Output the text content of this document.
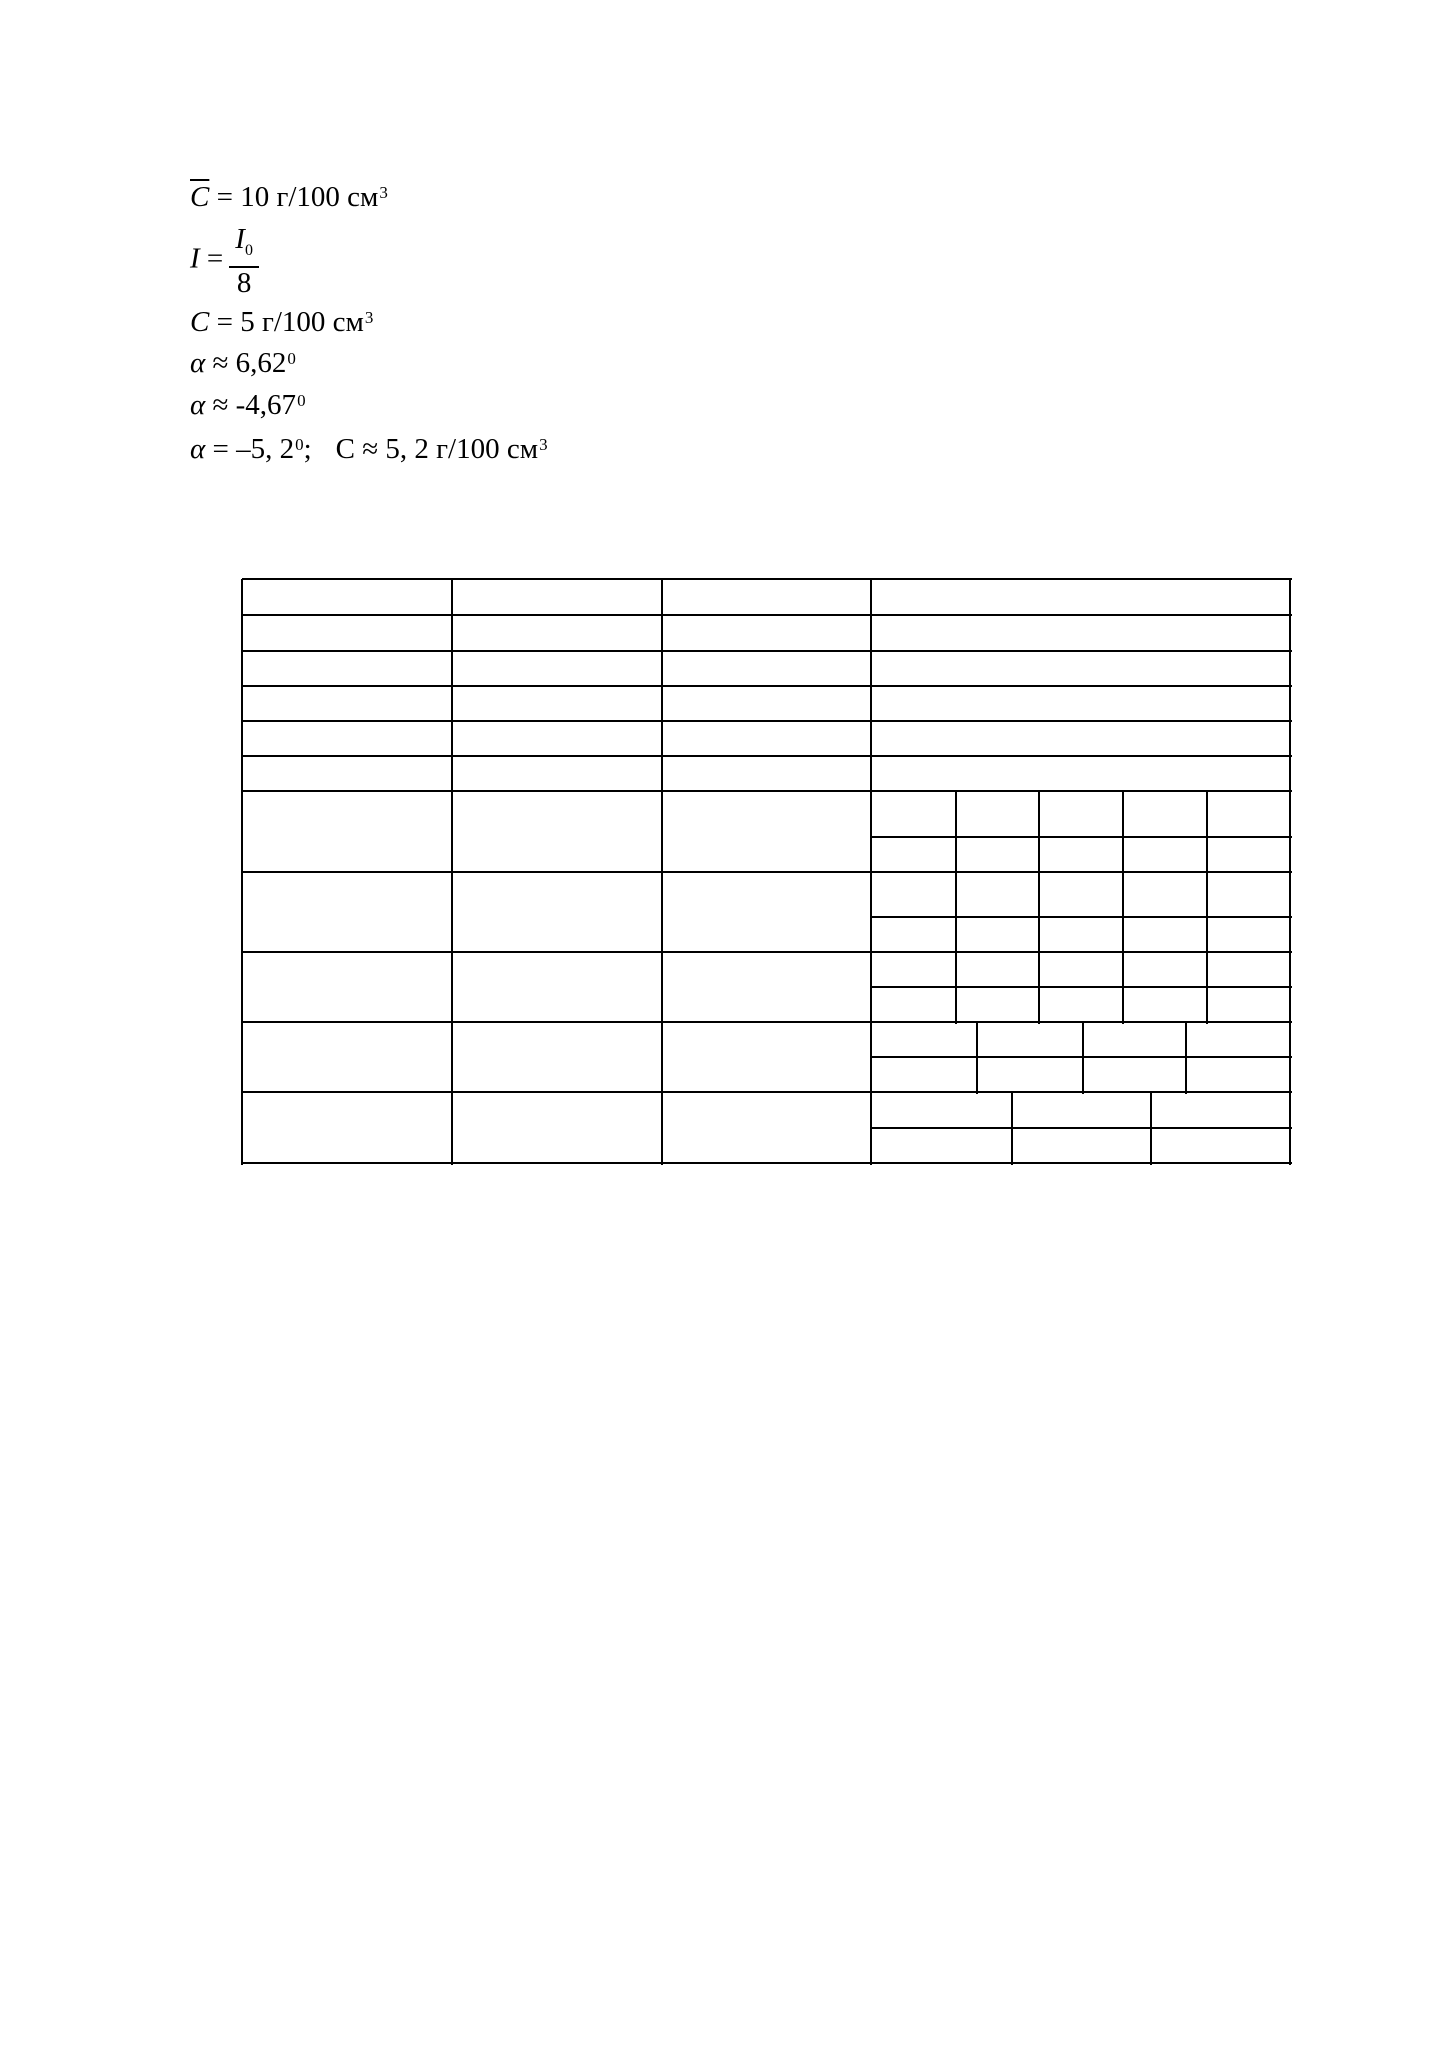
$\overline{C} = 10$ г/100 $см^3$
$I = \frac{I_0}{8}$
C = 5 г/100 $см^3$
$\alpha \approx 6,62^0$
$\alpha \approx -4,67^0$
α = –5, $2^0$; C ≈ 5, 2 г/100 $см^3$
